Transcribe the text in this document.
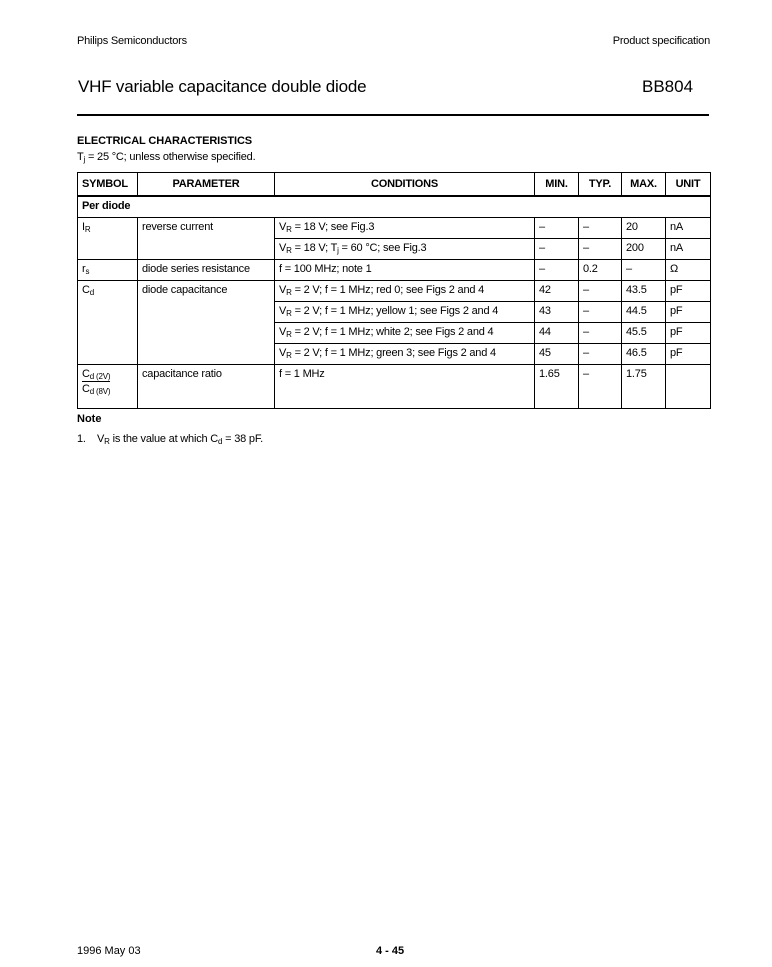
Philips Semiconductors	Product specification
VHF variable capacitance double diode	BB804
ELECTRICAL CHARACTERISTICS
$T_j = 25$ °C; unless otherwise specified.
SYMBOL	PARAMETER	CONDITIONS	MIN.	TYP.	MAX.	UNIT
Per diode						
$I_R$	reverse current	$V_R = 18$ V; see Fig.3	–	–	20	nA
		$V_R = 18$ V; $T_j = 60$ °C; see Fig.3	–	–	200	nA
$r_s$	diode series resistance	f = 100 MHz; note 1	–	0.2	–	Ω
$C_d$	diode capacitance	$V_R = 2$ V; f = 1 MHz; red 0; see Figs 2 and 4	42	–	43.5	pF
		$V_R = 2$ V; f = 1 MHz; yellow 1; see Figs 2 and 4	43	–	44.5	pF
		$V_R = 2$ V; f = 1 MHz; white 2; see Figs 2 and 4	44	–	45.5	pF
		$V_R = 2$ V; f = 1 MHz; green 3; see Figs 2 and 4	45	–	46.5	pF

$\frac{C_{d (2V)}}{C_{d (8V)}}$	capacitance ratio	f = 1 MHz	1.65	–	1.75	
Note
1. $V_R$ is the value at which $C_d = 38$ pF.
1996 May 03	4 - 45
